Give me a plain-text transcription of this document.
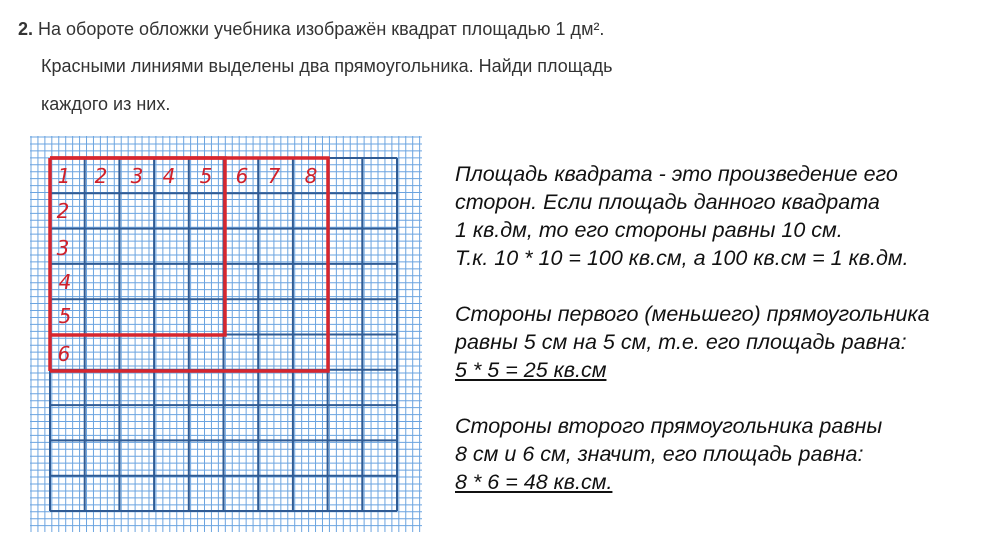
2. На обороте обложки учебника изображён квадрат площадью 1 дм².
Красными линиями выделены два прямоугольника. Найди площадь
каждого из них.
1 2 3 4 5 6 7 8
2
3
4
5
6
Площадь квадрата - это произведение его
сторон. Если площадь данного квадрата
1 кв.дм, то его стороны равны 10 см.
Т.к. 10 * 10 = 100 кв.см, а 100 кв.см = 1 кв.дм.
Стороны первого (меньшего) прямоугольника
равны 5 см на 5 см, т.е. его площадь равна:
5 * 5 = 25 кв.см
Стороны второго прямоугольника равны
8 см и 6 см, значит, его площадь равна:
8 * 6 = 48 кв.см.
